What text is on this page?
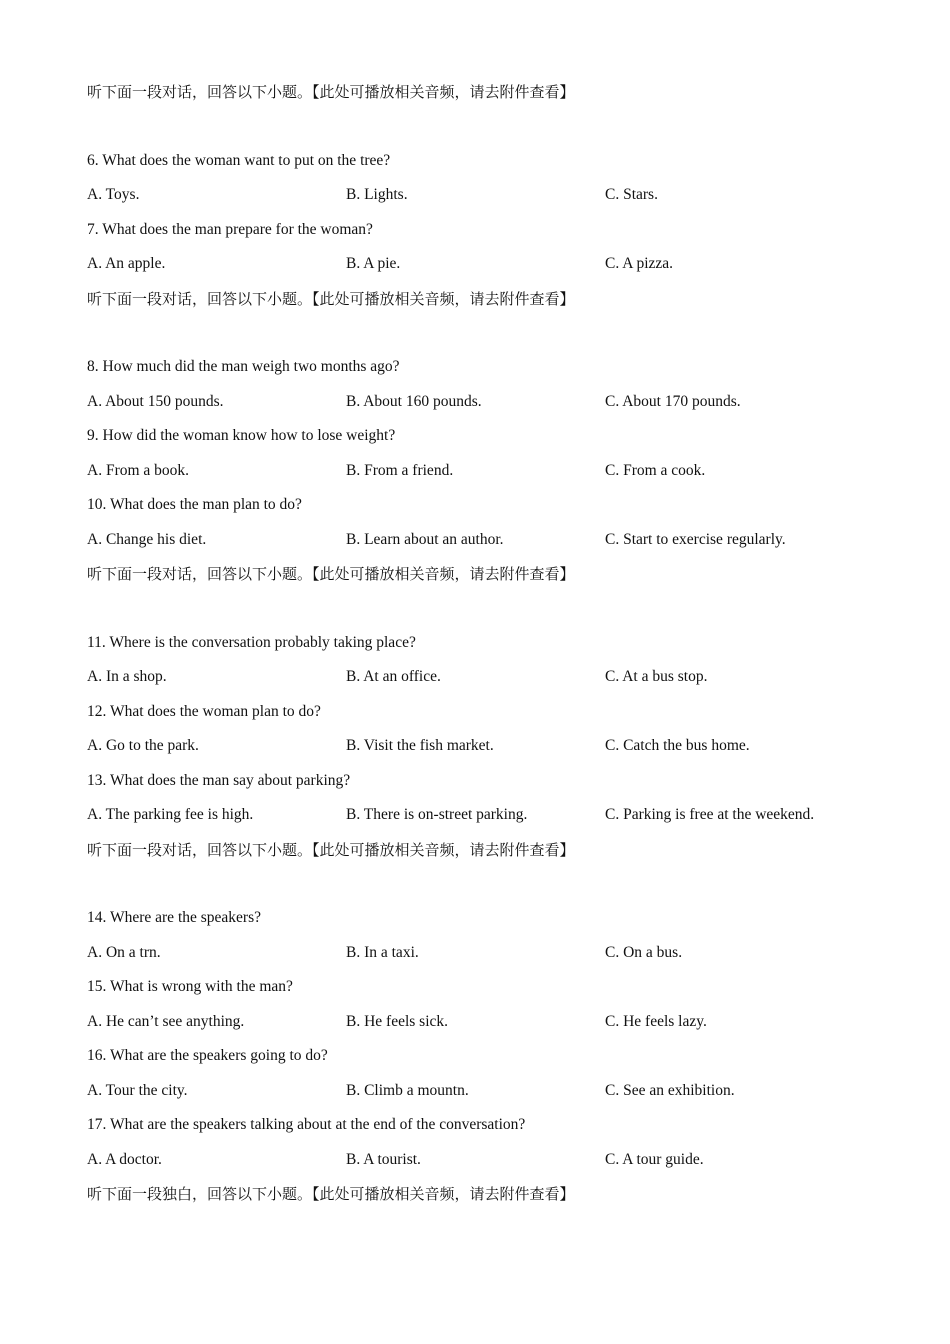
听下面一段对话，回答以下小题。【此处可播放相关音频，请去附件查看】
6. What does the woman want to put on the tree?
A. Toys.	B. Lights.	C. Stars.
7. What does the man prepare for the woman?
A. An apple.	B. A pie.	C. A pizza.
听下面一段对话，回答以下小题。【此处可播放相关音频，请去附件查看】
8. How much did the man weigh two months ago?
A. About 150 pounds.	B. About 160 pounds.	C. About 170 pounds.
9. How did the woman know how to lose weight?
A. From a book.	B. From a friend.	C. From a cook.
10. What does the man plan to do?
A. Change his diet.	B. Learn about an author.	C. Start to exercise regularly.
听下面一段对话，回答以下小题。【此处可播放相关音频，请去附件查看】
11. Where is the conversation probably taking place?
A. In a shop.	B. At an office.	C. At a bus stop.
12. What does the woman plan to do?
A. Go to the park.	B. Visit the fish market.	C. Catch the bus home.
13. What does the man say about parking?
A. The parking fee is high.	B. There is on-street parking.	C. Parking is free at the weekend.
听下面一段对话，回答以下小题。【此处可播放相关音频，请去附件查看】
14. Where are the speakers?
A. On a trn.	B. In a taxi.	C. On a bus.
15. What is wrong with the man?
A. He can’t see anything.	B. He feels sick.	C. He feels lazy.
16. What are the speakers going to do?
A. Tour the city.	B. Climb a mountn.	C. See an exhibition.
17. What are the speakers talking about at the end of the conversation?
A. A doctor.	B. A tourist.	C. A tour guide.
听下面一段独白，回答以下小题。【此处可播放相关音频，请去附件查看】
